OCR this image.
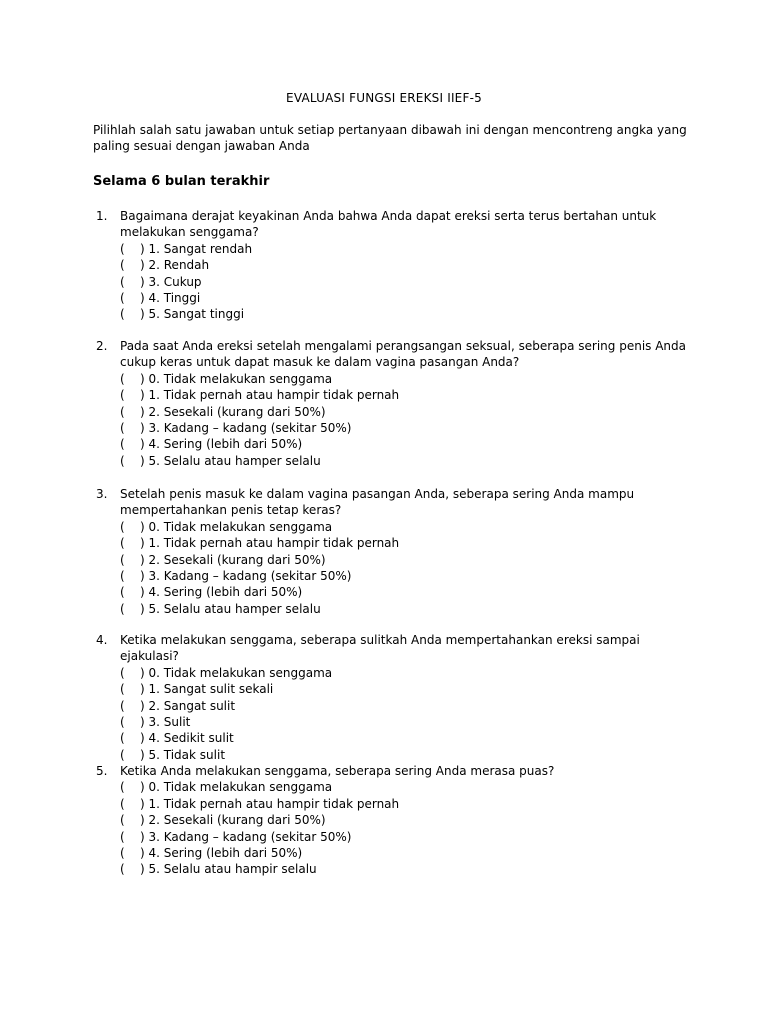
EVALUASI FUNGSI EREKSI IIEF-5
Pilihlah salah satu jawaban untuk setiap pertanyaan dibawah ini dengan mencontreng angka yang
paling sesuai dengan jawaban Anda
Selama 6 bulan terakhir
1.	Bagaimana derajat keyakinan Anda bahwa Anda dapat ereksi serta terus bertahan untuk
melakukan senggama?
(	) 1. Sangat rendah
(	) 2. Rendah
(	) 3. Cukup
(	) 4. Tinggi
(	) 5. Sangat tinggi
2.	Pada saat Anda ereksi setelah mengalami perangsangan seksual, seberapa sering penis Anda
cukup keras untuk dapat masuk ke dalam vagina pasangan Anda?
(	) 0. Tidak melakukan senggama
(	) 1. Tidak pernah atau hampir tidak pernah
(	) 2. Sesekali (kurang dari 50%)
(	) 3. Kadang – kadang (sekitar 50%)
(	) 4. Sering (lebih dari 50%)
(	) 5. Selalu atau hamper selalu
3.	Setelah penis masuk ke dalam vagina pasangan Anda, seberapa sering Anda mampu
mempertahankan penis tetap keras?
(	) 0. Tidak melakukan senggama
(	) 1. Tidak pernah atau hampir tidak pernah
(	) 2. Sesekali (kurang dari 50%)
(	) 3. Kadang – kadang (sekitar 50%)
(	) 4. Sering (lebih dari 50%)
(	) 5. Selalu atau hamper selalu
4.	Ketika melakukan senggama, seberapa sulitkah Anda mempertahankan ereksi sampai ejakulasi?
(	) 0. Tidak melakukan senggama
(	) 1. Sangat sulit sekali
(	) 2. Sangat sulit
(	) 3. Sulit
(	) 4. Sedikit sulit
(	) 5. Tidak sulit
5.	Ketika Anda melakukan senggama, seberapa sering Anda merasa puas?
(	) 0. Tidak melakukan senggama
(	) 1. Tidak pernah atau hampir tidak pernah
(	) 2. Sesekali (kurang dari 50%)
(	) 3. Kadang – kadang (sekitar 50%)
(	) 4. Sering (lebih dari 50%)
(	) 5. Selalu atau hampir selalu
